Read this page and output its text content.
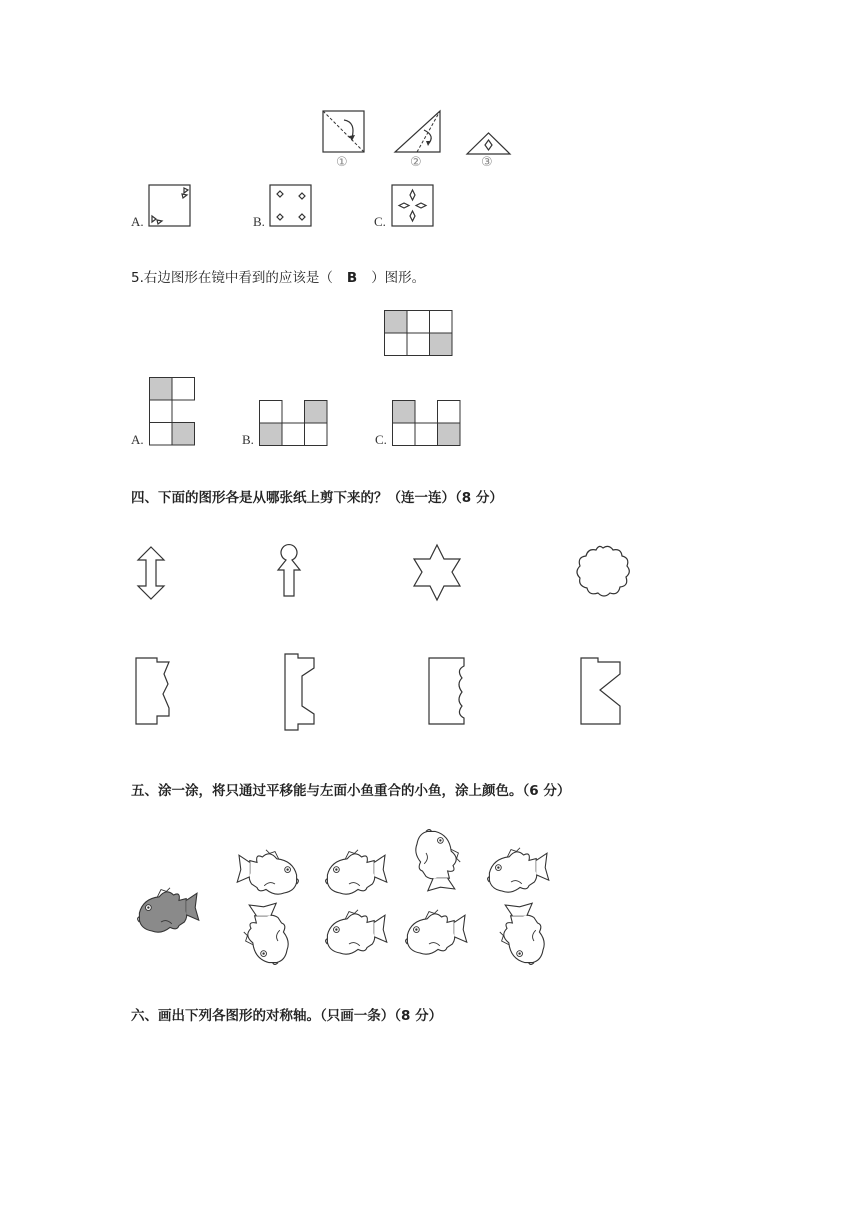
①	②	③
A.	B.	C.
5.右边图形在镜中看到的应该是（ B ）图形。
A.	B.	C.
四、下面的图形各是从哪张纸上剪下来的？（连一连）（8 分）
五、涂一涂，将只通过平移能与左面小鱼重合的小鱼，涂上颜色。（6 分）
六、画出下列各图形的对称轴。（只画一条）（8 分）
